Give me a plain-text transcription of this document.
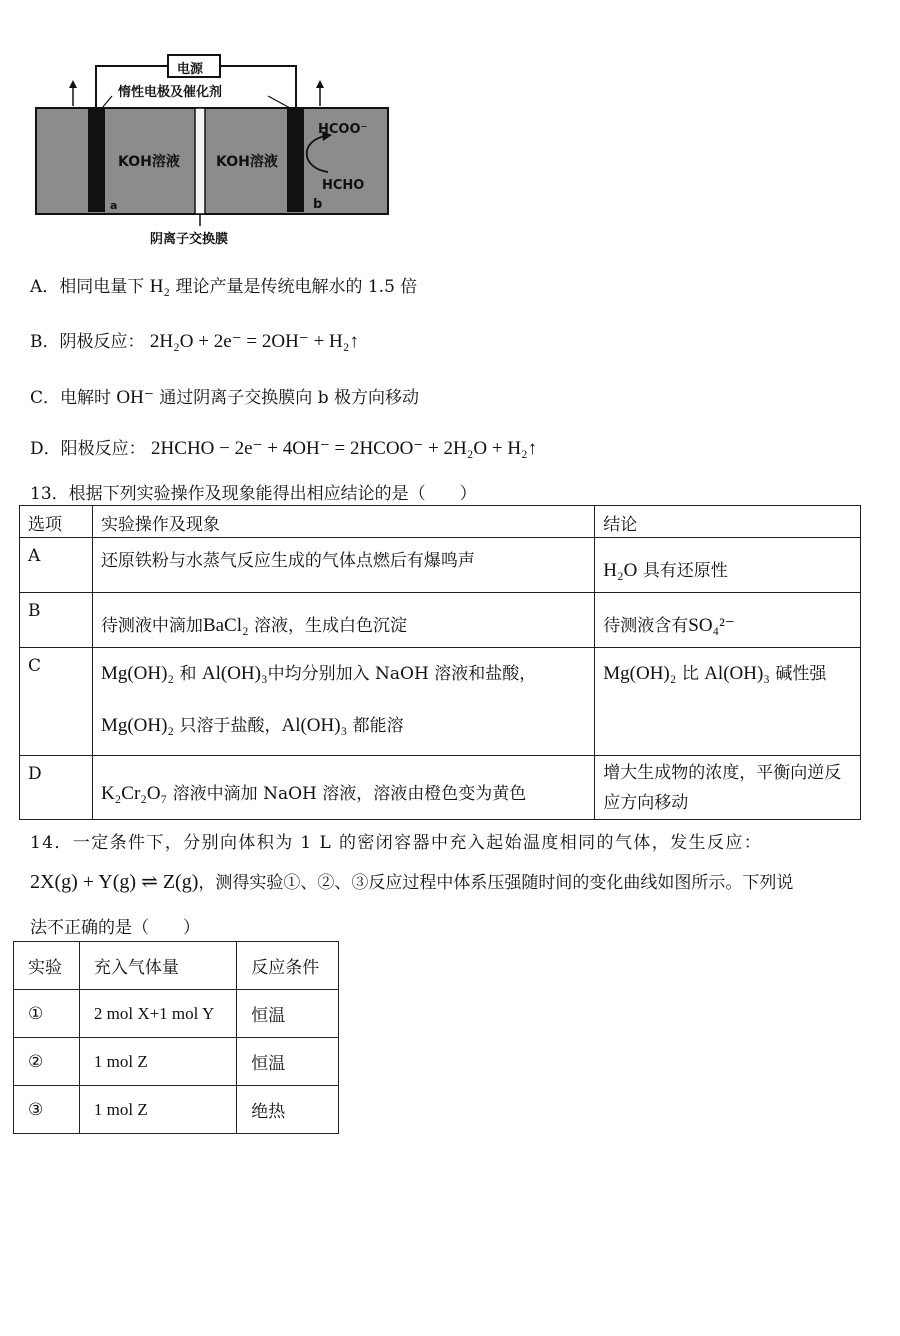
电源
惰性电极及催化剂
KOH溶液	KOH溶液
a	b
HCOO⁻
HCHO
阴离子交换膜
A．相同电量下 H₂ 理论产量是传统电解水的 1.5 倍
B．阴极反应： 2H₂O + 2e⁻ = 2OH⁻ + H₂↑
C．电解时 OH⁻ 通过阴离子交换膜向 b 极方向移动
D．阳极反应： 2HCHO − 2e⁻ + 4OH⁻ = 2HCOO⁻ + 2H₂O + H₂↑
13．根据下列实验操作及现象能得出相应结论的是（　　）
选项	实验操作及现象	结论
A	还原铁粉与水蒸气反应生成的气体点燃后有爆鸣声	H₂O 具有还原性
B	待测液中滴加BaCl₂ 溶液，生成白色沉淀	待测液含有SO₄²⁻
C	Mg(OH)₂ 和 Al(OH)₃中均分别加入 NaOH 溶液和盐酸，
Mg(OH)₂ 只溶于盐酸，Al(OH)₃ 都能溶	Mg(OH)₂ 比 Al(OH)₃ 碱性强
D	K₂Cr₂O₇ 溶液中滴加 NaOH 溶液，溶液由橙色变为黄色	增大生成物的浓度，平衡向逆反应方向移动
14．一定条件下，分别向体积为 1 L 的密闭容器中充入起始温度相同的气体，发生反应：
2X(g) + Y(g) ⇌ Z(g)，测得实验①、②、③反应过程中体系压强随时间的变化曲线如图所示。下列说
法不正确的是（　　）
实验	充入气体量	反应条件
①	2 mol X+1 mol Y	恒温
②	1 mol Z	恒温
③	1 mol Z	绝热
